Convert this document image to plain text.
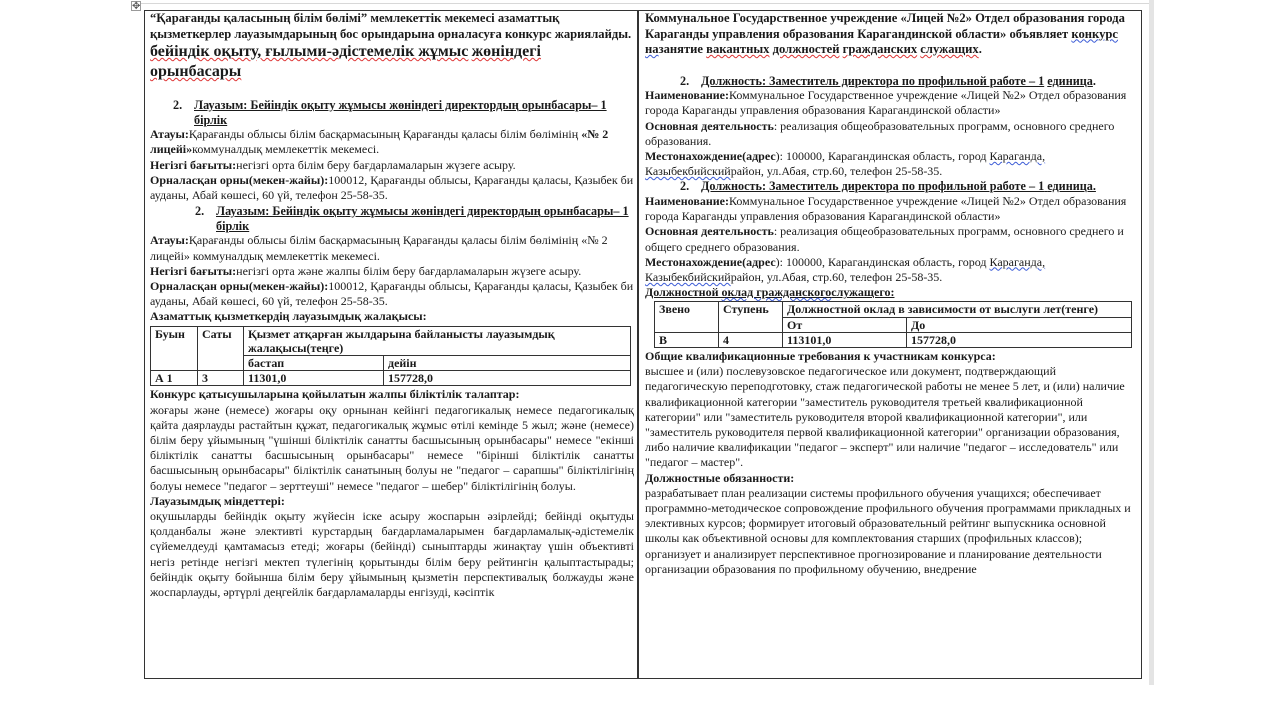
✥

“Қарағанды қаласының білім бөлімі” мемлекеттік мекемесі азаматтық қызметкерлер лауазымдарының бос орындарына орналасуға конкурс жариялайды. бейіндік оқыту, ғылыми-әдістемелік жұмыс жөніндегі орынбасары

2. Лауазым: Бейіндік оқыту жұмысы жөніндегі директордың орынбасары– 1 бірлік

Атауы:Қарағанды облысы білім басқармасының Қарағанды қаласы білім бөлімінің «№ 2 лицейі»коммуналдық мемлекеттік мекемесі.

Негізгі бағыты:негізгі орта білім беру бағдарламаларын жүзеге асыру.

Орналасқан орны(мекен-жайы):100012, Қарағанды облысы, Қарағанды қаласы, Қазыбек би ауданы, Абай көшесі, 60 үй, телефон 25-58-35.

2. Лауазым: Бейіндік оқыту жұмысы жөніндегі директордың орынбасары– 1 бірлік

Атауы:Қарағанды облысы білім басқармасының Қарағанды қаласы білім бөлімінің «№ 2 лицейі» коммуналдық мемлекеттік мекемесі.

Негізгі бағыты:негізгі орта және жалпы білім беру бағдарламаларын жүзеге асыру.

Орналасқан орны(мекен-жайы):100012, Қарағанды облысы, Қарағанды қаласы, Қазыбек би ауданы, Абай көшесі, 60 үй, телефон 25-58-35.

Азаматтық қызметкердің лауазымдық жалақысы:

Буын	Саты	Қызмет атқарған жылдарына байланысты лауазымдық жалақысы(теңге)	
		бастап	дейін
А 1	3	11301,0	157728,0

Конкурс қатысушыларына қойылатын жалпы біліктілік талаптар:

жоғары және (немесе) жоғары оқу орнынан кейінгі педагогикалық немесе педагогикалық қайта даярлауды растайтын құжат, педагогикалық жұмыс өтілі кемінде 5 жыл; және (немесе) білім беру ұйымының "үшінші біліктілік санатты басшысының орынбасары" немесе "екінші біліктілік санатты басшысының орынбасары" немесе "бірінші біліктілік санатты басшысының орынбасары" біліктілік санатының болуы не "педагог – сарапшы" біліктілігінің болуы немесе "педагог – зерттеуші" немесе "педагог – шебер" біліктілігінің болуы.

Лауазымдық міндеттері:

оқушыларды бейіндік оқыту жүйесін іске асыру жоспарын әзірлейді; бейінді оқытуды қолданбалы және элективті курстардың бағдарламаларымен бағдарламалық-әдістемелік сүйемелдеуді қамтамасыз етеді; жоғары (бейінді) сыныптарды жинақтау үшін объективті негіз ретінде негізгі мектеп түлегінің қорытынды білім беру рейтингін қалыптастырады; бейіндік оқыту бойынша білім беру ұйымының қызметін перспективалық болжауды және жоспарлауды, әртүрлі деңгейлік бағдарламаларды енгізуді, кәсіптік

Коммунальное Государственное учреждение «Лицей №2» Отдел образования города Караганды управления образования Карагандинской области» объявляет конкурс назанятие вакантных должностей гражданских служащих.

2. Должность: Заместитель директора по профильной работе – 1 единица.

Наименование:Коммунальное Государственное учреждение «Лицей №2» Отдел образования города Караганды управления образования Карагандинской области»

Основная деятельность: реализация общеобразовательных программ, основного среднего образования.

Местонахождение(адрес): 100000, Карагандинская область, город Караганда, Казыбекбийскийрайон, ул.Абая, стр.60, телефон 25-58-35.

2. Должность: Заместитель директора по профильной работе – 1 единица.

Наименование:Коммунальное Государственное учреждение «Лицей №2» Отдел образования города Караганды управления образования Карагандинской области»

Основная деятельность: реализация общеобразовательных программ, основного среднего и общего среднего образования.

Местонахождение(адрес): 100000, Карагандинская область, город Караганда, Казыбекбийскийрайон, ул.Абая, стр.60, телефон 25-58-35.

Должностной оклад гражданскогослужащего:

Звено	Ступень	Должностной оклад в зависимости от выслуги лет(тенге)	
		От	До
В	4	113101,0	157728,0

Общие квалификационные требования к участникам конкурса:

высшее и (или) послевузовское педагогическое или документ, подтверждающий педагогическую переподготовку, стаж педагогической работы не менее 5 лет, и (или) наличие квалификационной категории "заместитель руководителя третьей квалификационной категории" или "заместитель руководителя второй квалификационной категории", или "заместитель руководителя первой квалификационной категории" организации образования, либо наличие квалификации "педагог – эксперт" или наличие "педагог – исследователь" или "педагог – мастер".

Должностные обязанности:

разрабатывает план реализации системы профильного обучения учащихся; обеспечивает программно-методическое сопровождение профильного обучения программами прикладных и элективных курсов; формирует итоговый образовательный рейтинг выпускника основной школы как объективной основы для комплектования старших (профильных классов); организует и анализирует перспективное прогнозирование и планирование деятельности организации образования по профильному обучению, внедрение
